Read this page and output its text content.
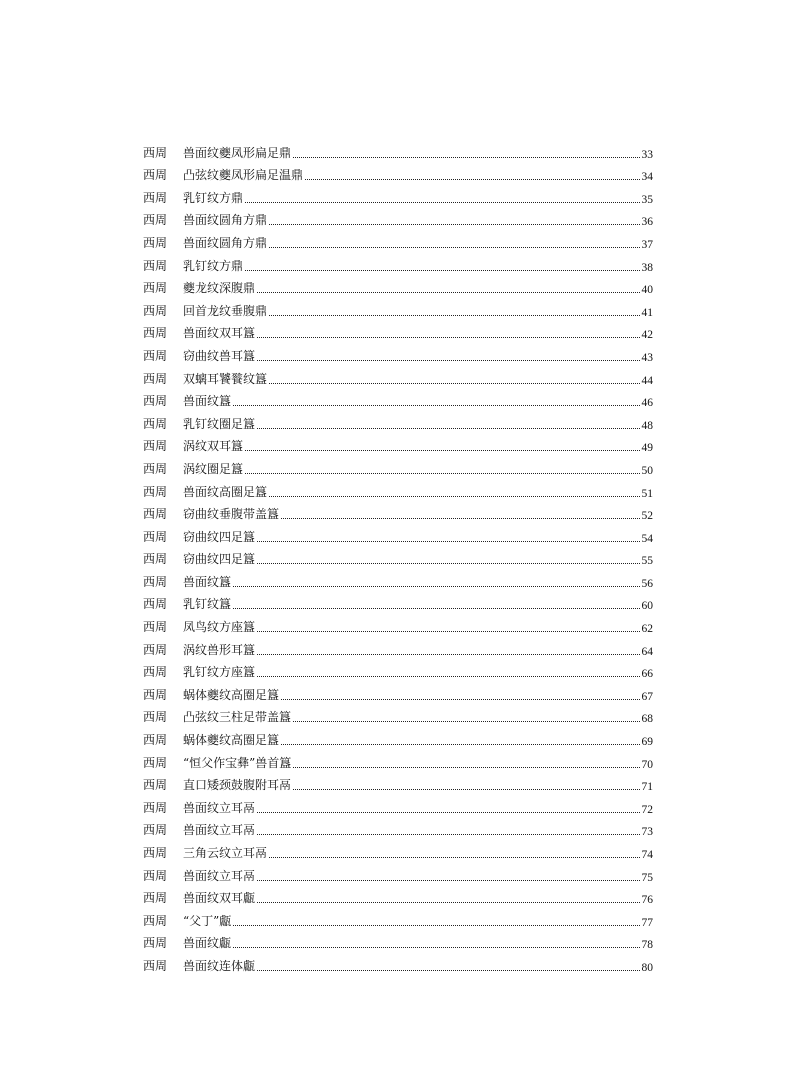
西周	兽面纹夔凤形扁足鼎	33
西周	凸弦纹夔凤形扁足温鼎	34
西周	乳钉纹方鼎	35
西周	兽面纹圆角方鼎	36
西周	兽面纹圆角方鼎	37
西周	乳钉纹方鼎	38
西周	夔龙纹深腹鼎	40
西周	回首龙纹垂腹鼎	41
西周	兽面纹双耳簋	42
西周	窃曲纹兽耳簋	43
西周	双螭耳饕餮纹簋	44
西周	兽面纹簋	46
西周	乳钉纹圈足簋	48
西周	涡纹双耳簋	49
西周	涡纹圈足簋	50
西周	兽面纹高圈足簋	51
西周	窃曲纹垂腹带盖簋	52
西周	窃曲纹四足簋	54
西周	窃曲纹四足簋	55
西周	兽面纹簋	56
西周	乳钉纹簋	60
西周	凤鸟纹方座簋	62
西周	涡纹兽形耳簋	64
西周	乳钉纹方座簋	66
西周	蜗体夔纹高圈足簋	67
西周	凸弦纹三柱足带盖簋	68
西周	蜗体夔纹高圈足簋	69
西周	“恒父作宝彝”兽首簋	70
西周	直口矮颈鼓腹附耳鬲	71
西周	兽面纹立耳鬲	72
西周	兽面纹立耳鬲	73
西周	三角云纹立耳鬲	74
西周	兽面纹立耳鬲	75
西周	兽面纹双耳甗	76
西周	“父丁”甗	77
西周	兽面纹甗	78
西周	兽面纹连体甗	80
